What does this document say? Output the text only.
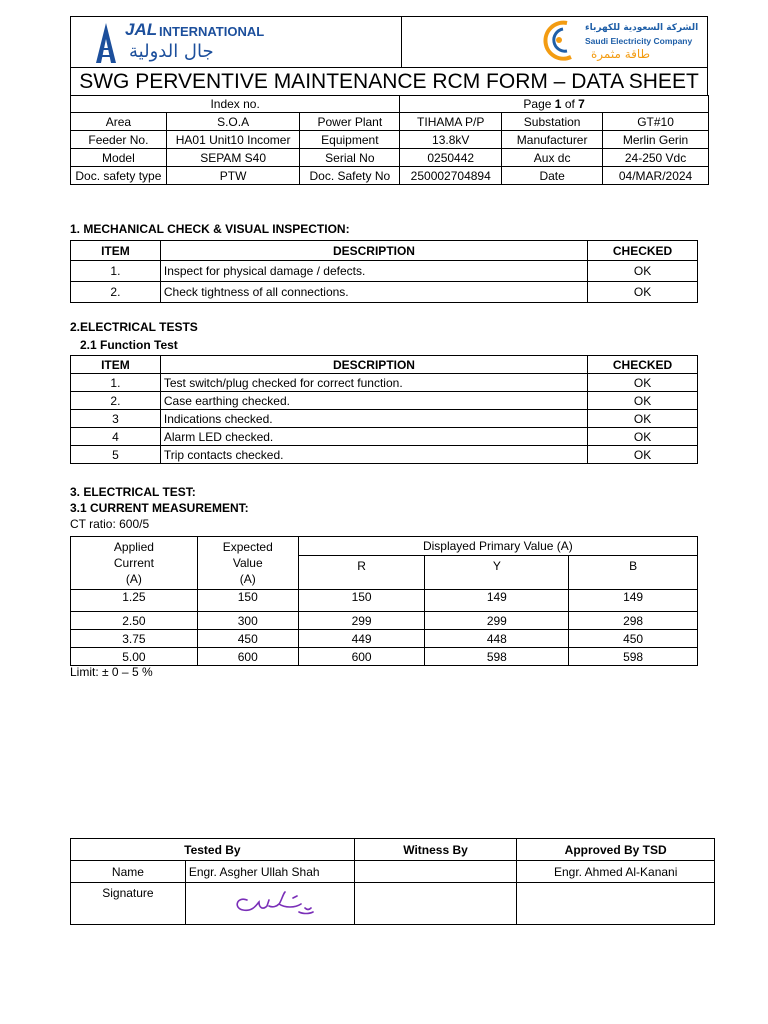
JAL INTERNATIONAL
جال الدولية
الشركة السعودية للكهرباء
Saudi Electricity Company
طاقة مثمرة
SWG PERVENTIVE MAINTENANCE RCM FORM – DATA SHEET
Index no.			Page 1 of 7		
Area	S.O.A	Power Plant	TIHAMA P/P	Substation	GT#10
Feeder No.	HA01 Unit10 Incomer	Equipment	13.8kV	Manufacturer	Merlin Gerin
Model	SEPAM S40	Serial No	0250442	Aux dc	24-250 Vdc
Doc. safety type	PTW	Doc. Safety No	250002704894	Date	04/MAR/2024
1. MECHANICAL CHECK & VISUAL INSPECTION:
ITEM	DESCRIPTION	CHECKED
1.	Inspect for physical damage / defects.	OK
2.	Check tightness of all connections.	OK
2.ELECTRICAL TESTS
2.1 Function Test
ITEM	DESCRIPTION	CHECKED
1.	Test switch/plug checked for correct function.	OK
2.	Case earthing checked.	OK
3	Indications checked.	OK
4	Alarm LED checked.	OK
5	Trip contacts checked.	OK
3. ELECTRICAL TEST:
3.1 CURRENT MEASUREMENT:
CT ratio: 600/5
Applied
Current
(A)	Expected
Value
(A)	Displayed Primary Value (A)		
		R	Y	B
1.25	150	150	149	149
2.50	300	299	299	298
3.75	450	449	448	450
5.00	600	600	598	598
Limit: ± 0 – 5 %
Tested By		Witness By	Approved By TSD
Name	Engr. Asgher Ullah Shah		Engr. Ahmed Al-Kanani
Signature	
